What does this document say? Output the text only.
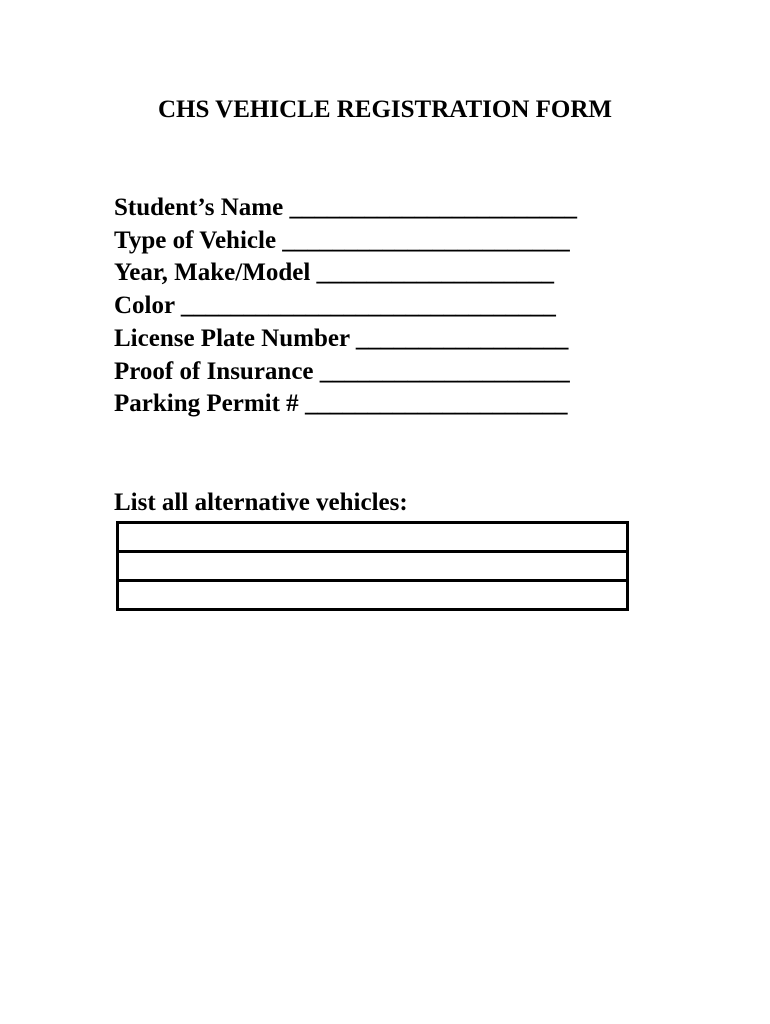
CHS VEHICLE REGISTRATION FORM
Student’s Name _______________________
Type of Vehicle _______________________
Year, Make/Model ___________________
Color ______________________________
License Plate Number _________________
Proof of Insurance ____________________
Parking Permit # _____________________
List all alternative vehicles:
